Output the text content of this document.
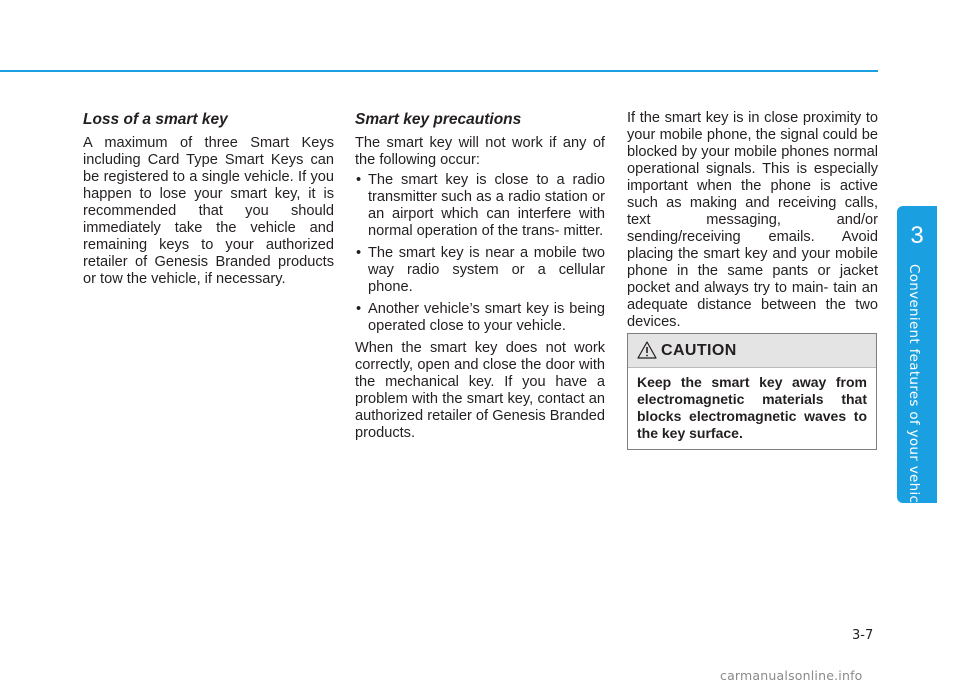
3
Convenient features of your vehicle
Loss of a smart key

A maximum of three Smart Keys including Card Type Smart Keys can be registered to a single vehicle. If you happen to lose your smart key, it is recommended that you should immediately take the vehicle and remaining keys to your authorized retailer of Genesis Branded products or tow the vehicle, if necessary.

Smart key precautions

The smart key will not work if any of the following occur:

• The smart key is close to a radio transmitter such as a radio station or an airport which can interfere with normal operation of the trans- mitter.
• The smart key is near a mobile two way radio system or a cellular phone.
• Another vehicle’s smart key is being operated close to your vehicle.

When the smart key does not work correctly, open and close the door with the mechanical key. If you have a problem with the smart key, contact an authorized retailer of Genesis Branded products.

If the smart key is in close proximity to your mobile phone, the signal could be blocked by your mobile phones normal operational signals. This is especially important when the phone is active such as making and receiving calls, text messaging, and/or sending/receiving emails. Avoid placing the smart key and your mobile phone in the same pants or jacket pocket and always try to main- tain an adequate distance between the two devices.

CAUTION
Keep the smart key away from electromagnetic materials that blocks electromagnetic waves to the key surface.
3-7
carmanualsonline.info
